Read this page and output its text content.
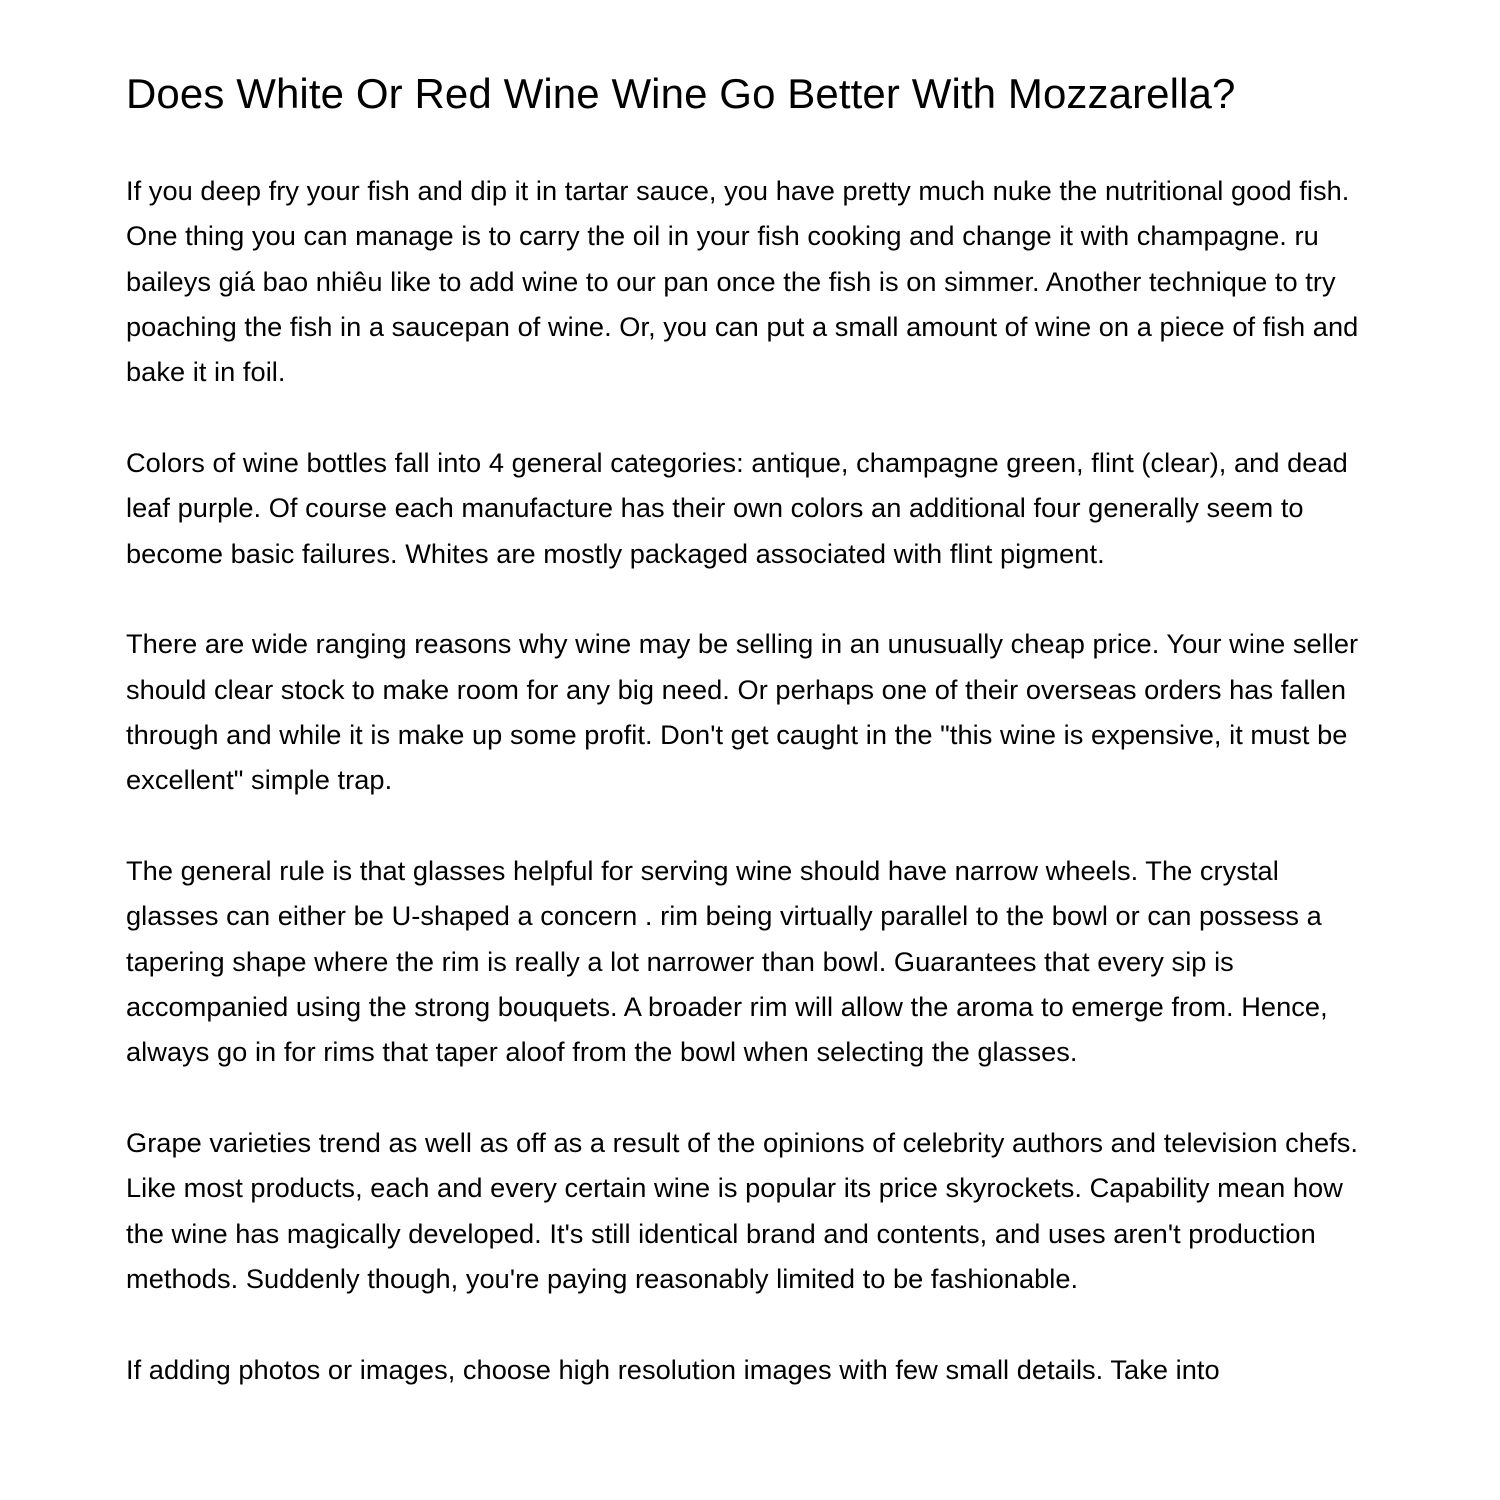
Does White Or Red Wine Wine Go Better With Mozzarella?

If you deep fry your fish and dip it in tartar sauce, you have pretty much nuke the nutritional good fish. One thing you can manage is to carry the oil in your fish cooking and change it with champagne. ru baileys giá bao nhiêu like to add wine to our pan once the fish is on simmer. Another technique to try poaching the fish in a saucepan of wine. Or, you can put a small amount of wine on a piece of fish and bake it in foil.

Colors of wine bottles fall into 4 general categories: antique, champagne green, flint (clear), and dead leaf purple. Of course each manufacture has their own colors an additional four generally seem to become basic failures. Whites are mostly packaged associated with flint pigment.

There are wide ranging reasons why wine may be selling in an unusually cheap price. Your wine seller should clear stock to make room for any big need. Or perhaps one of their overseas orders has fallen through and while it is make up some profit. Don't get caught in the "this wine is expensive, it must be excellent" simple trap.

The general rule is that glasses helpful for serving wine should have narrow wheels. The crystal glasses can either be U-shaped a concern . rim being virtually parallel to the bowl or can possess a tapering shape where the rim is really a lot narrower than bowl. Guarantees that every sip is accompanied using the strong bouquets. A broader rim will allow the aroma to emerge from. Hence, always go in for rims that taper aloof from the bowl when selecting the glasses.

Grape varieties trend as well as off as a result of the opinions of celebrity authors and television chefs. Like most products, each and every certain wine is popular its price skyrockets. Capability mean how the wine has magically developed. It's still identical brand and contents, and uses aren't production methods. Suddenly though, you're paying reasonably limited to be fashionable.

If adding photos or images, choose high resolution images with few small details. Take into
